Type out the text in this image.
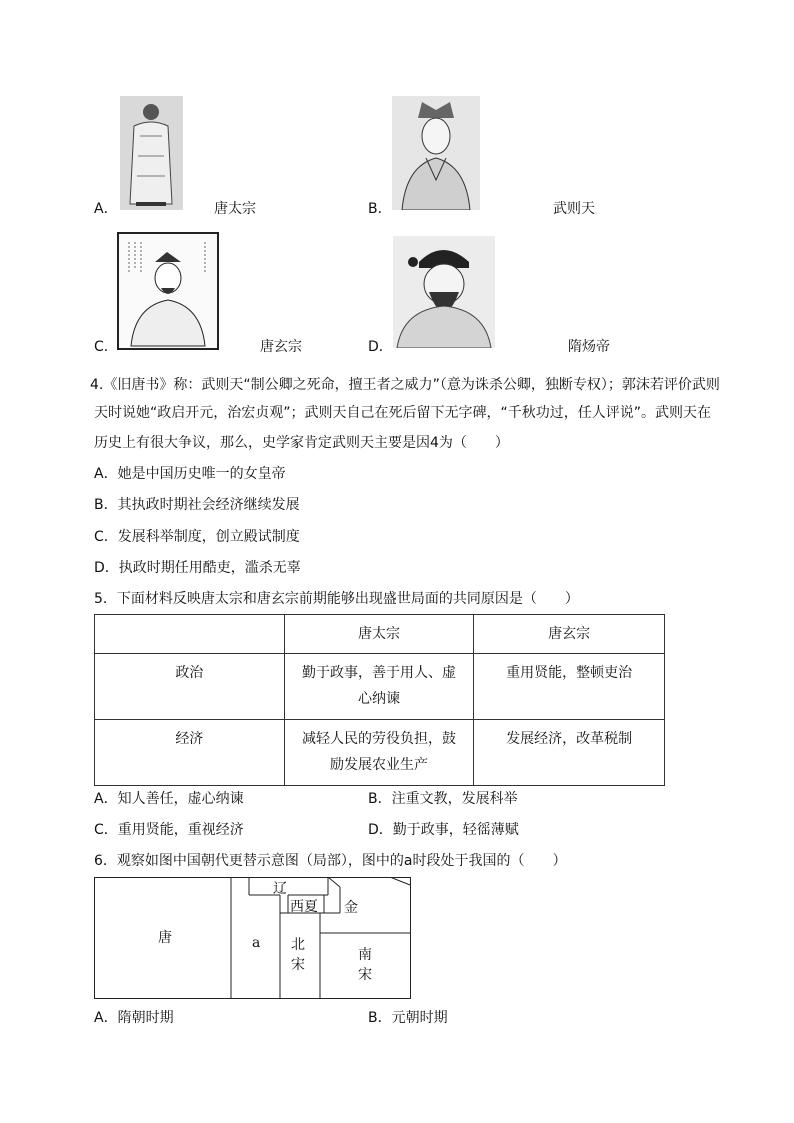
A．	唐太宗	B．	武则天
C．	唐玄宗	D．	隋炀帝
4.《旧唐书》称：武则天“制公卿之死命，擅王者之威力”（意为诛杀公卿，独断专权）；郭沫若评价武则
天时说她“政启开元，治宏贞观”；武则天自己在死后留下无字碑，“千秋功过，任人评说”。武则天在
历史上有很大争议，那么，史学家肯定武则天主要是因4为（　　）
A．她是中国历史唯一的女皇帝
B．其执政时期社会经济继续发展
C．发展科举制度，创立殿试制度
D．执政时期任用酷吏，滥杀无辜
5．下面材料反映唐太宗和唐玄宗前期能够出现盛世局面的共同原因是（　　）
	唐太宗	唐玄宗
政治	勤于政事，善于用人、虚心纳谏	重用贤能，整顿吏治
经济	减轻人民的劳役负担，鼓励发展农业生产	发展经济，改革税制
A．知人善任，虚心纳谏	B．注重文教，发展科举
C．重用贤能，重视经济	D．勤于政事，轻徭薄赋
6．观察如图中国朝代更替示意图（局部），图中的a时段处于我国的（　　）
唐	a
辽
西夏 金
北宋
南宋
A．隋朝时期	B．元朝时期
